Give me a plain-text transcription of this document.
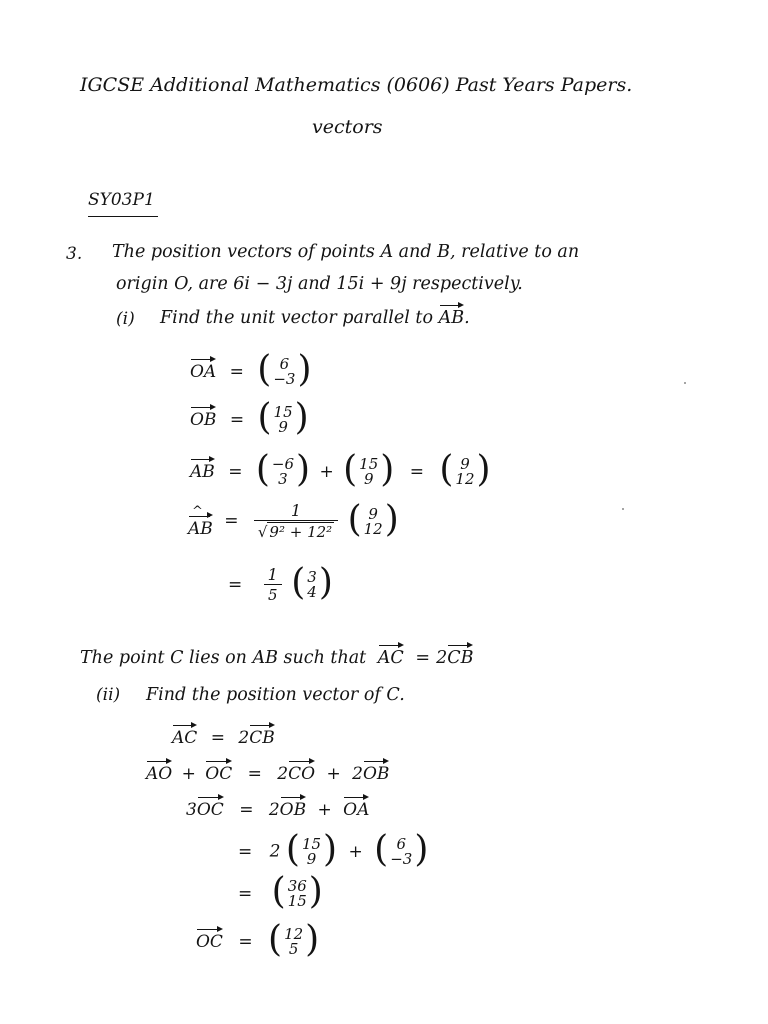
IGCSE Additional Mathematics (0606) Past Years Papers.
vectors
SY03P1
3. The position vectors of points A and B, relative to an
origin O, are 6i − 3j and 15i + 9j respectively.
(i) Find the unit vector parallel to AB.
OA = ( 6
−3 )
OB = ( 15
9 )
AB = ( −6
3 ) + ( 15
9 ) = ( 9
12 )
^
AB = $\frac{1}{\text{√ 9² + 12²}}$
( 9
12 )
= $\frac{1}{5}$
( 3
4 )
The point C lies on AB such that AC = 2CB
(ii) Find the position vector of C.
AC = 2CB
AO + OC = 2CO + 2OB
3OC = 2OB + OA
= 2 ( 15
9 ) + ( 6
−3 )
= ( 36
15 )
OC = ( 12
5 )
